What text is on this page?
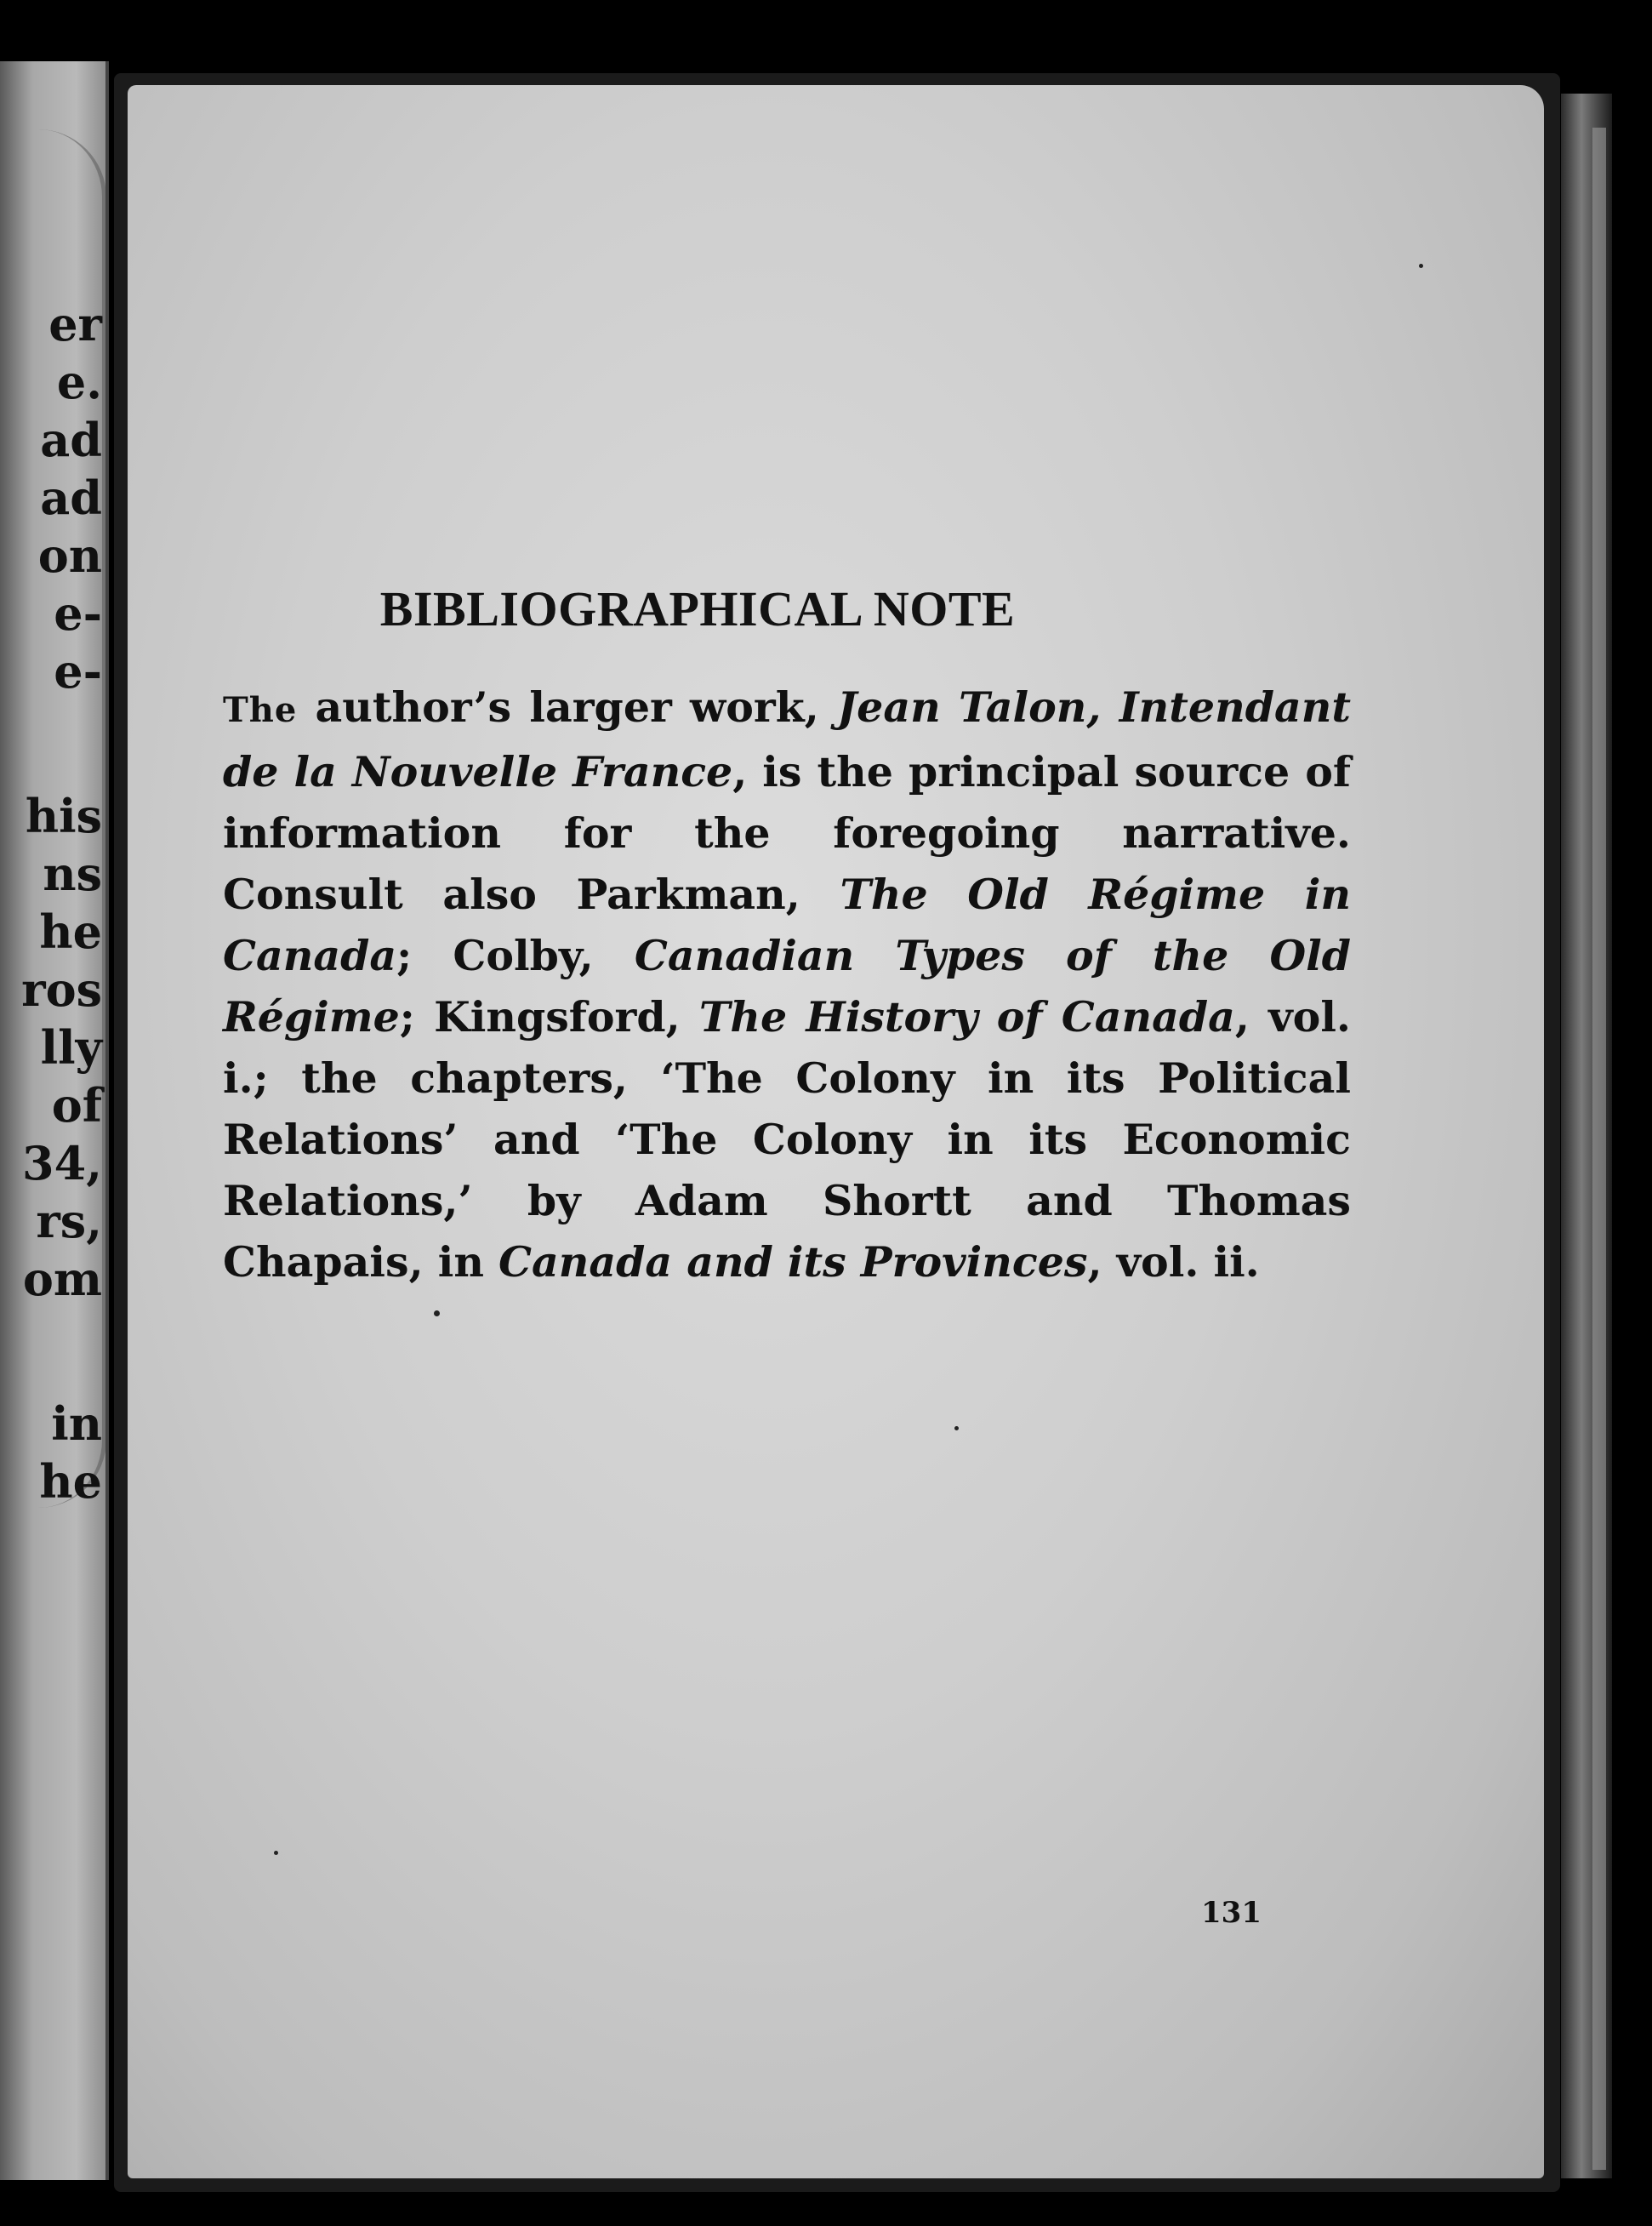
er
e.
ad
ad
on
e-
e-
his
ns
he
ros
lly
of
34,
rs,
om
in
he
BIBLIOGRAPHICAL NOTE

The author’s larger work, Jean Talon, Intendant de la Nouvelle France, is the principal source of information for the foregoing narrative. Consult also Parkman, The Old Régime in Canada; Colby, Canadian Types of the Old Régime; Kingsford, The History of Canada, vol. i.; the chapters, ‘The Colony in its Political Relations’ and ‘The Colony in its Economic Relations,’ by Adam Shortt and Thomas Chapais, in Canada and its Provinces, vol. ii.

131
